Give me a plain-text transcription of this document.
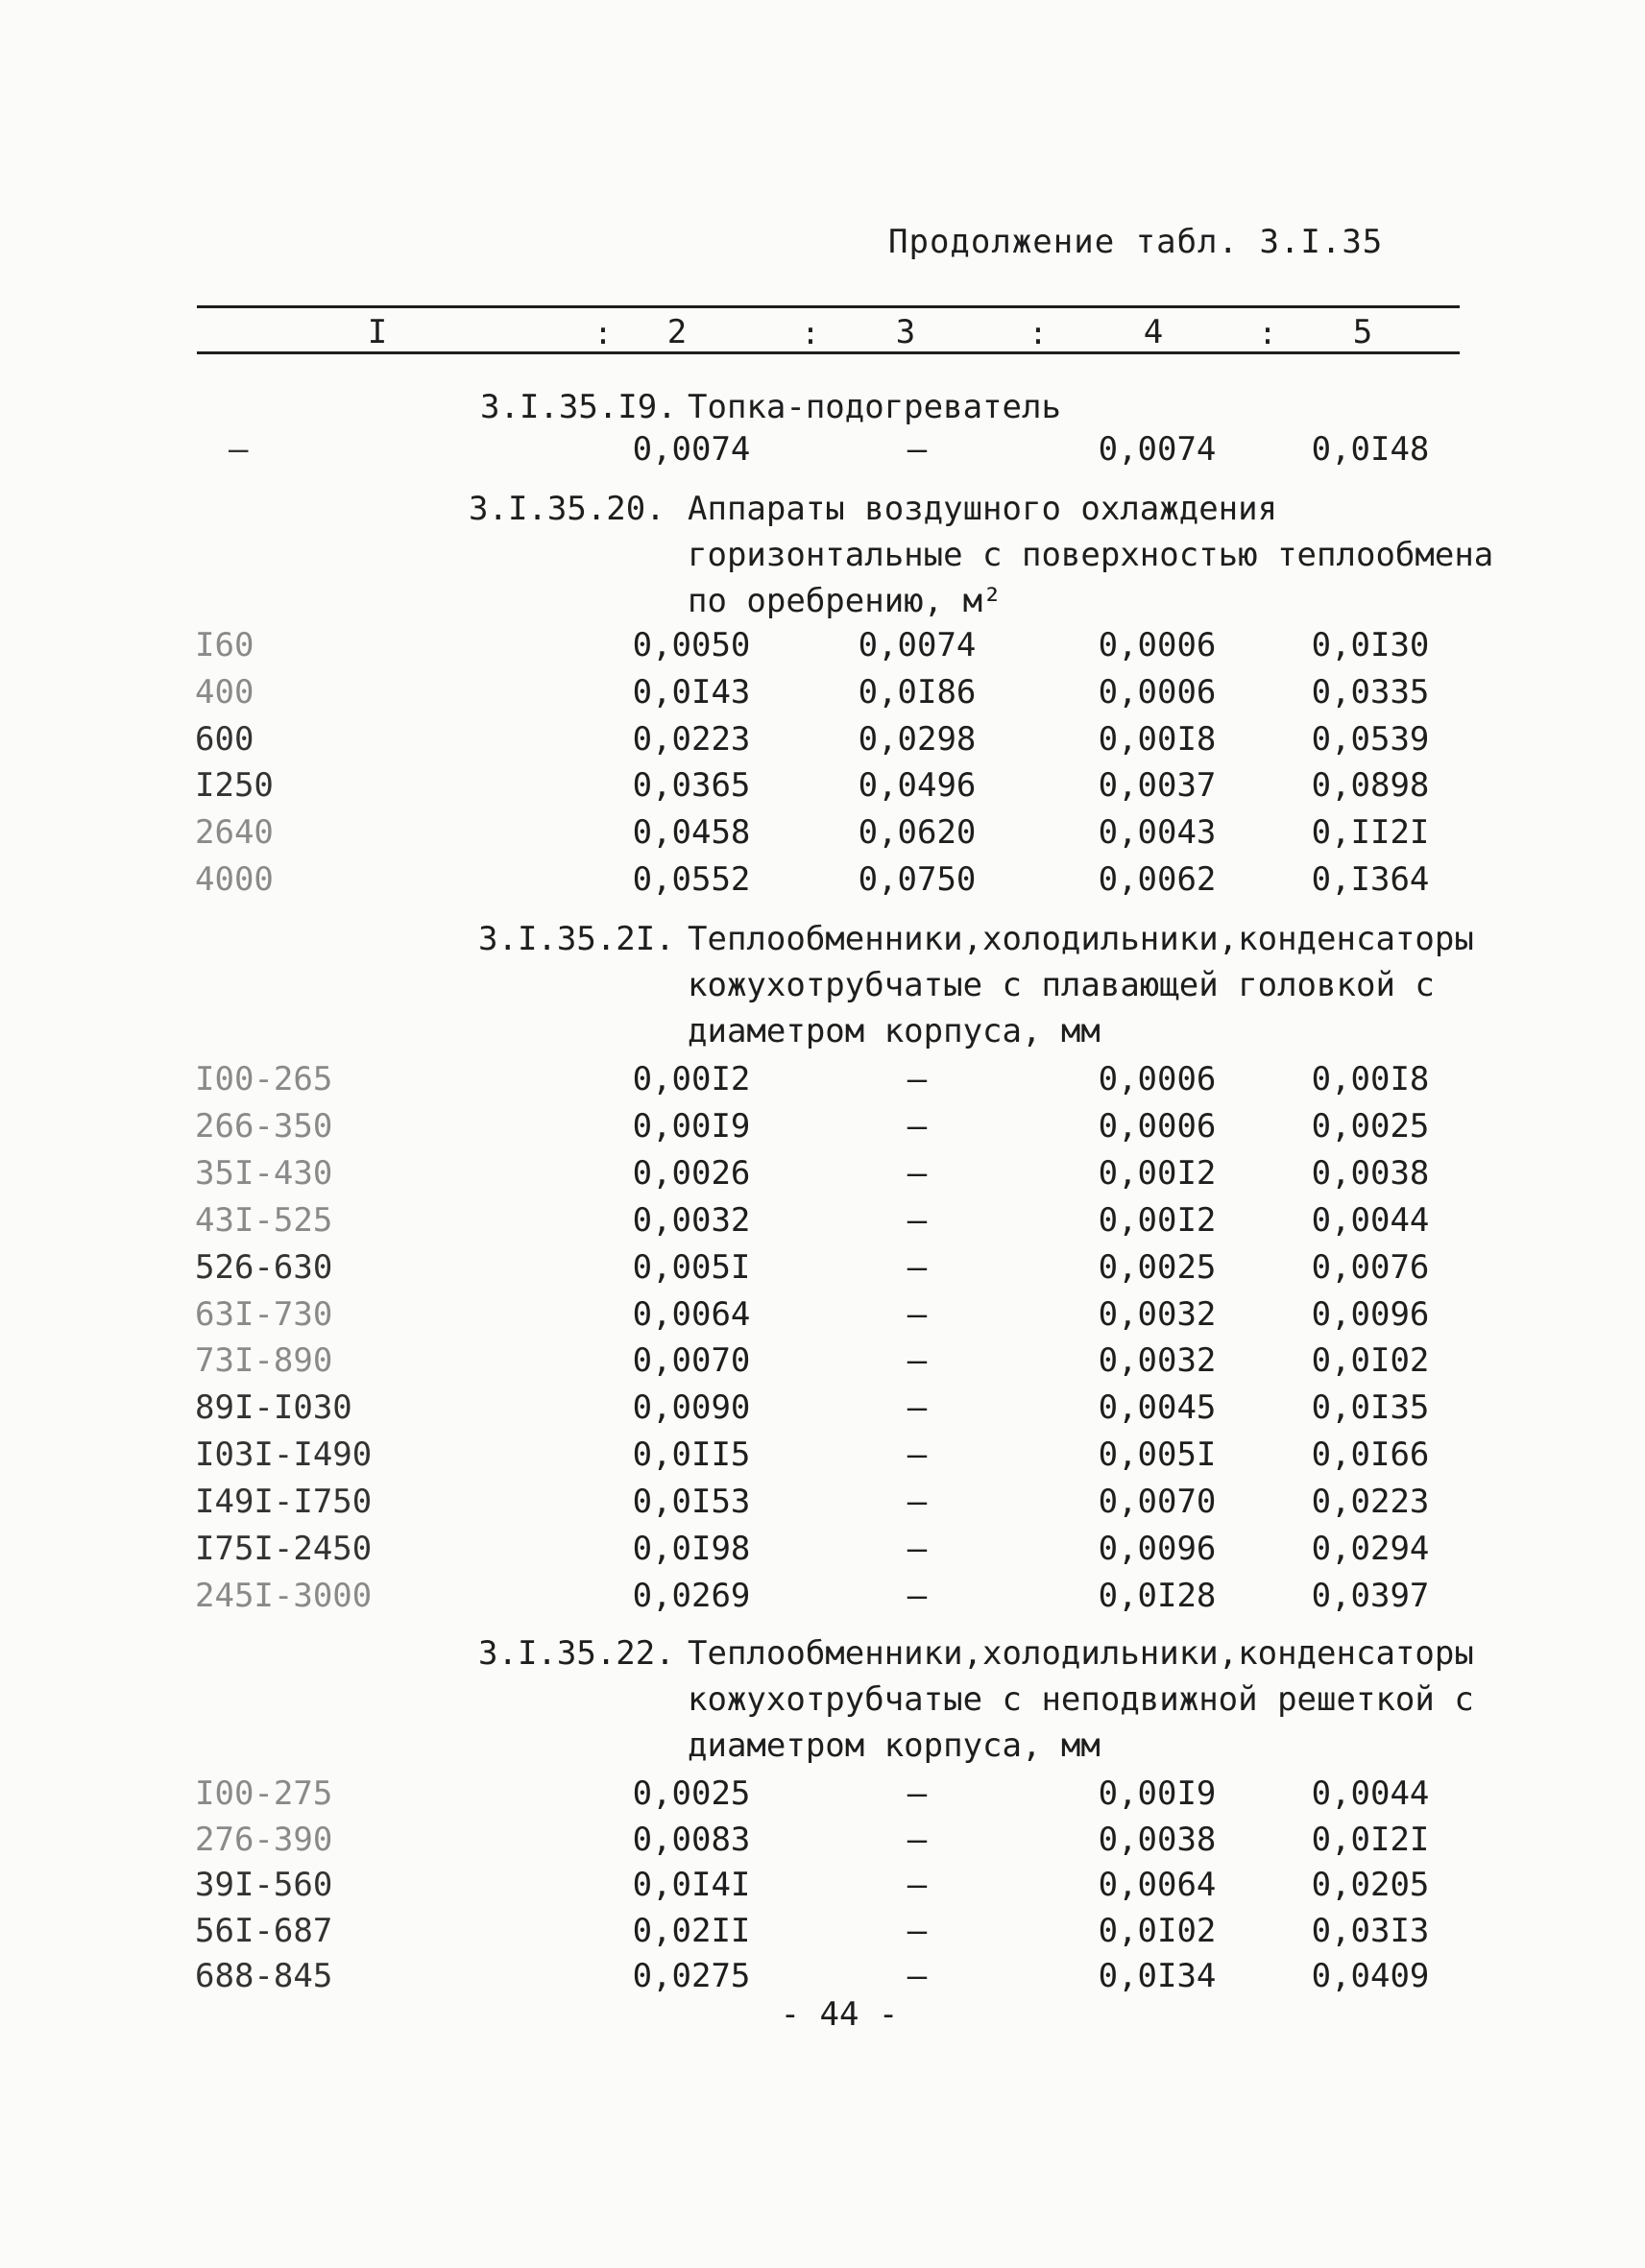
Продолжение табл. 3.I.35
I	: 2	: 3	:	4	: 5
3.I.35.I9. Топка-подогреватель
–	0,0074	–	0,0074	0,0I48
3.I.35.20. Аппараты воздушного охлаждения
горизонтальные с поверхностью теплообмена
по оребрению, м²
I60	0,0050	0,0074	0,0006	0,0I30
400	0,0I43	0,0I86	0,0006	0,0335
600	0,0223	0,0298	0,00I8	0,0539
I250	0,0365	0,0496	0,0037	0,0898
2640	0,0458	0,0620	0,0043	0,II2I
4000	0,0552	0,0750	0,0062	0,I364
3.I.35.2I. Теплообменники,холодильники,конденсаторы
кожухотрубчатые с плавающей головкой с
диаметром корпуса, мм
I00-265	0,00I2	–	0,0006	0,00I8
266-350	0,00I9	–	0,0006	0,0025
35I-430	0,0026	–	0,00I2	0,0038
43I-525	0,0032	–	0,00I2	0,0044
526-630	0,005I	–	0,0025	0,0076
63I-730	0,0064	–	0,0032	0,0096
73I-890	0,0070	–	0,0032	0,0I02
89I-I030	0,0090	–	0,0045	0,0I35
I03I-I490	0,0II5	–	0,005I	0,0I66
I49I-I750	0,0I53	–	0,0070	0,0223
I75I-2450	0,0I98	–	0,0096	0,0294
245I-3000	0,0269	–	0,0I28	0,0397
3.I.35.22. Теплообменники,холодильники,конденсаторы
кожухотрубчатые с неподвижной решеткой с
диаметром корпуса, мм
I00-275	0,0025	–	0,00I9	0,0044
276-390	0,0083	–	0,0038	0,0I2I
39I-560	0,0I4I	–	0,0064	0,0205
56I-687	0,02II	–	0,0I02	0,03I3
688-845	0,0275	–	0,0I34	0,0409
- 44 -
